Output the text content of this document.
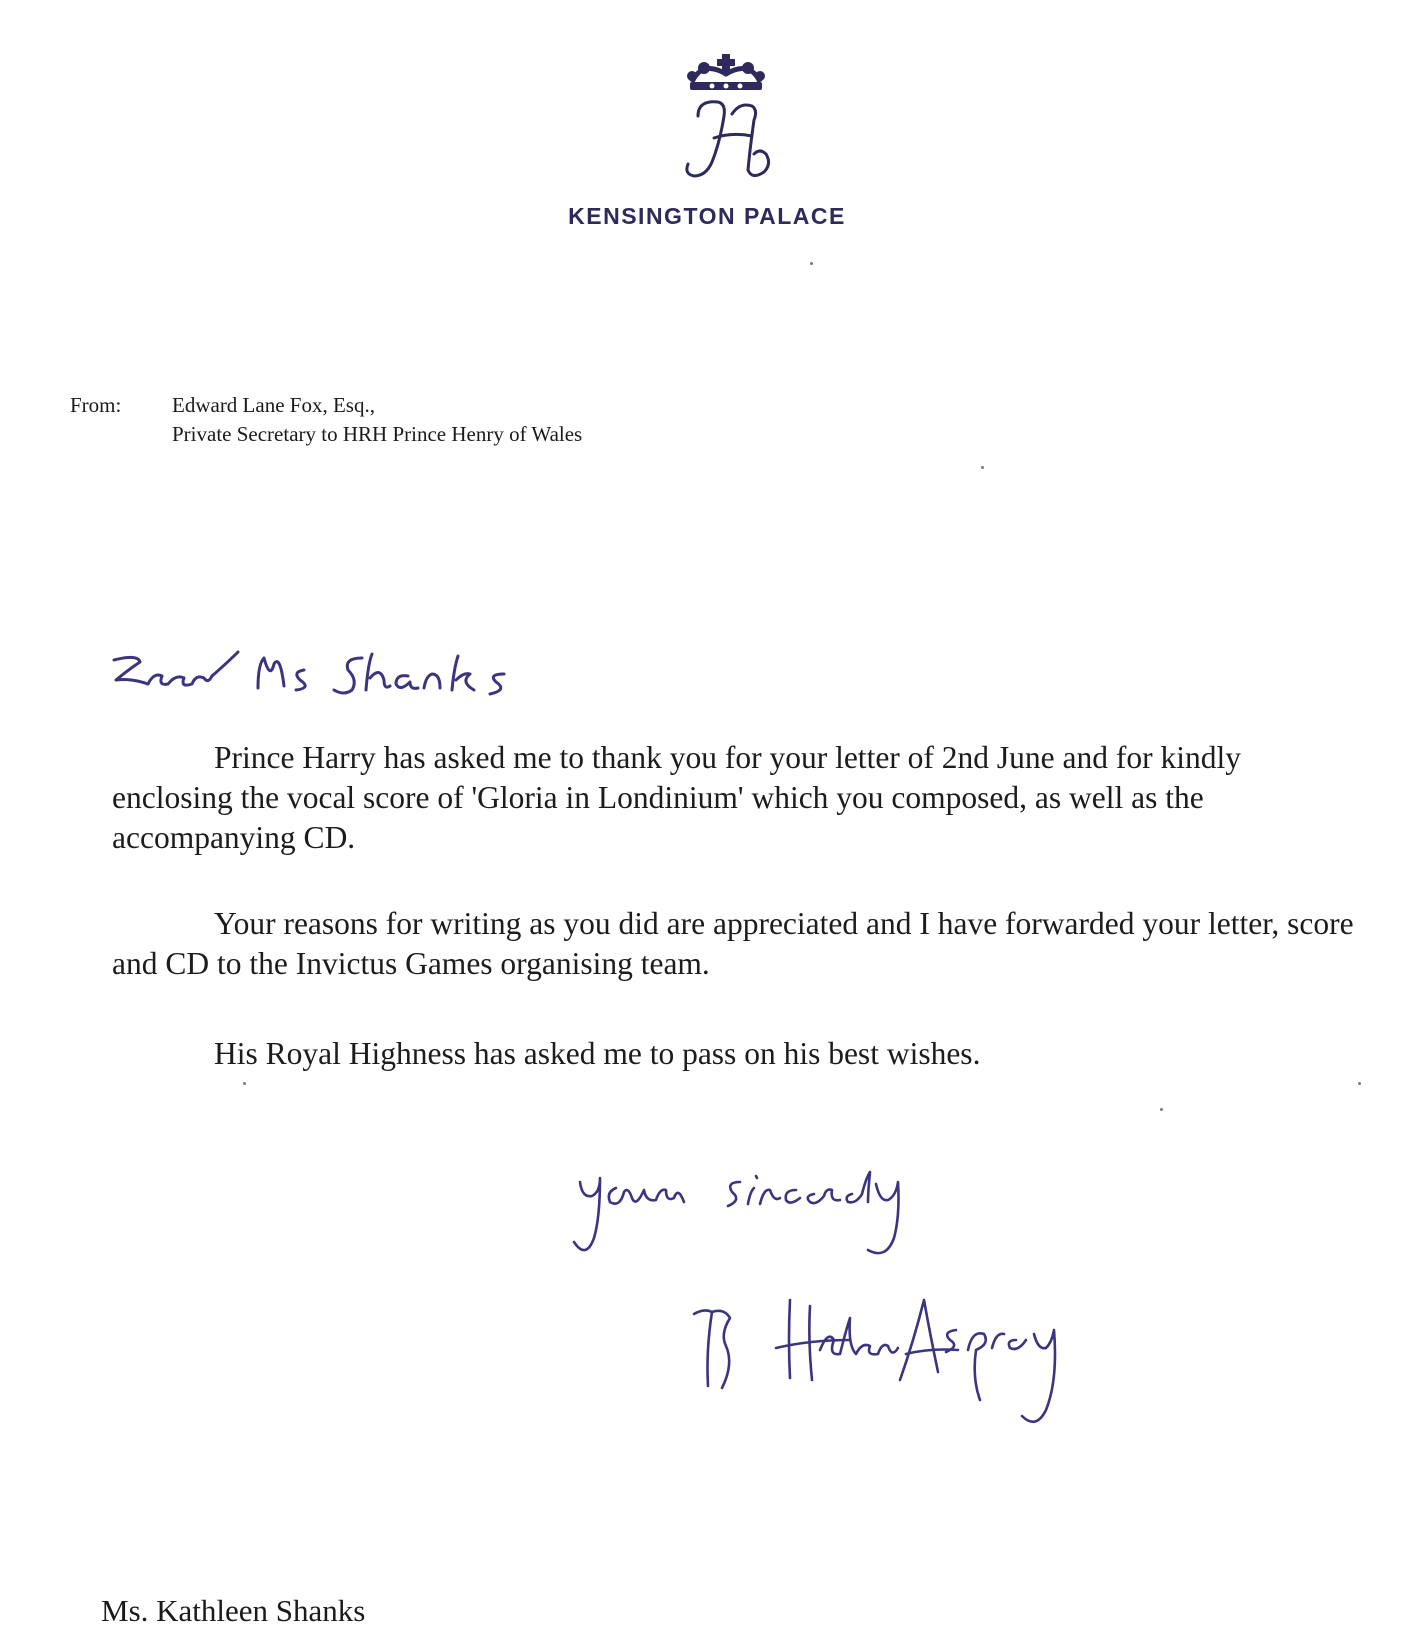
KENSINGTON PALACE
From: Edward Lane Fox, Esq.,
Private Secretary to HRH Prince Henry of Wales
Prince Harry has asked me to thank you for your letter of 2nd June and for kindly enclosing the vocal score of 'Gloria in Londinium' which you composed, as well as the accompanying CD.
Your reasons for writing as you did are appreciated and I have forwarded your letter, score and CD to the Invictus Games organising team.
His Royal Highness has asked me to pass on his best wishes.
Ms. Kathleen Shanks
